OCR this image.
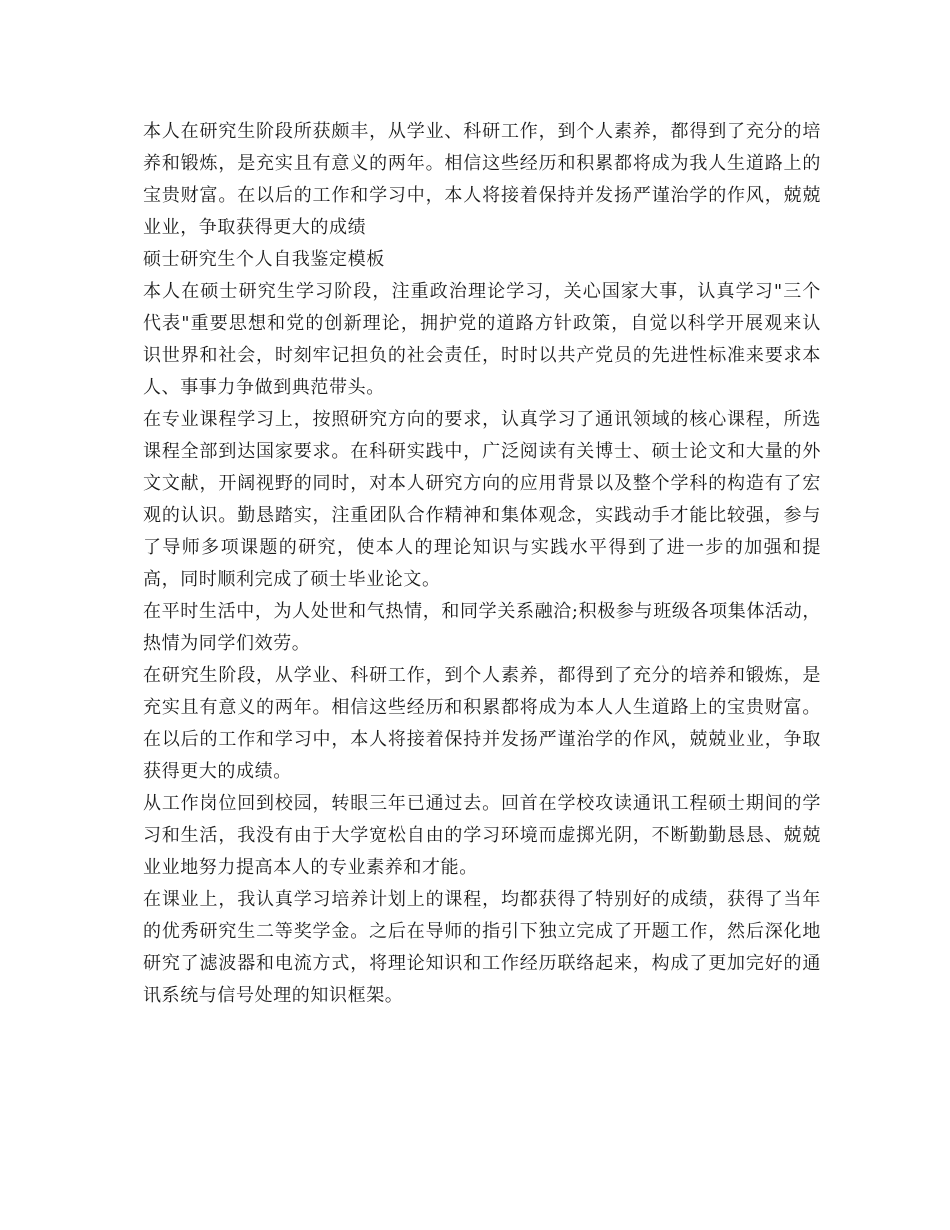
本人在研究生阶段所获颇丰，从学业、科研工作，到个人素养，都得到了充分的培养和锻炼，是充实且有意义的两年。相信这些经历和积累都将成为我人生道路上的宝贵财富。在以后的工作和学习中，本人将接着保持并发扬严谨治学的作风，兢兢业业，争取获得更大的成绩

硕士研究生个人自我鉴定模板

本人在硕士研究生学习阶段，注重政治理论学习，关心国家大事，认真学习"三个代表"重要思想和党的创新理论，拥护党的道路方针政策，自觉以科学开展观来认识世界和社会，时刻牢记担负的社会责任，时时以共产党员的先进性标准来要求本人、事事力争做到典范带头。

在专业课程学习上，按照研究方向的要求，认真学习了通讯领域的核心课程，所选课程全部到达国家要求。在科研实践中，广泛阅读有关博士、硕士论文和大量的外文文献，开阔视野的同时，对本人研究方向的应用背景以及整个学科的构造有了宏观的认识。勤恳踏实，注重团队合作精神和集体观念，实践动手才能比较强，参与了导师多项课题的研究，使本人的理论知识与实践水平得到了进一步的加强和提高，同时顺利完成了硕士毕业论文。

在平时生活中，为人处世和气热情，和同学关系融洽;积极参与班级各项集体活动，热情为同学们效劳。

在研究生阶段，从学业、科研工作，到个人素养，都得到了充分的培养和锻炼，是充实且有意义的两年。相信这些经历和积累都将成为本人人生道路上的宝贵财富。在以后的工作和学习中，本人将接着保持并发扬严谨治学的作风，兢兢业业，争取获得更大的成绩。

从工作岗位回到校园，转眼三年已通过去。回首在学校攻读通讯工程硕士期间的学习和生活，我没有由于大学宽松自由的学习环境而虚掷光阴，不断勤勤恳恳、兢兢业业地努力提高本人的专业素养和才能。

在课业上，我认真学习培养计划上的课程，均都获得了特别好的成绩，获得了当年的优秀研究生二等奖学金。之后在导师的指引下独立完成了开题工作，然后深化地研究了滤波器和电流方式，将理论知识和工作经历联络起来，构成了更加完好的通讯系统与信号处理的知识框架。
